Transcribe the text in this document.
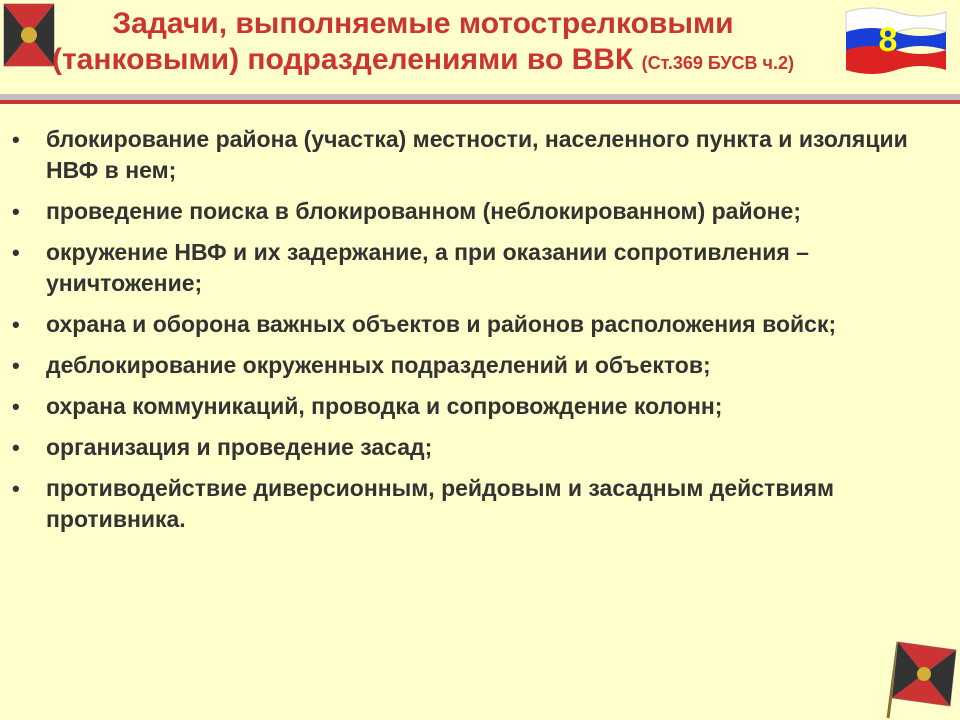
Задачи, выполняемые мотострелковыми
(танковыми) подразделениями во ВВК (Ст.369 БУСВ ч.2)
8
• блокирование района (участка) местности, населенного пункта и изоляции НВФ в нем;
• проведение поиска в блокированном (неблокированном) районе;
• окружение НВФ и их задержание, а при оказании сопротивления – уничтожение;
• охрана и оборона важных объектов и районов расположения войск;
• деблокирование окруженных подразделений и объектов;
• охрана коммуникаций, проводка и сопровождение колонн;
• организация и проведение засад;
• противодействие диверсионным, рейдовым и засадным действиям противника.
